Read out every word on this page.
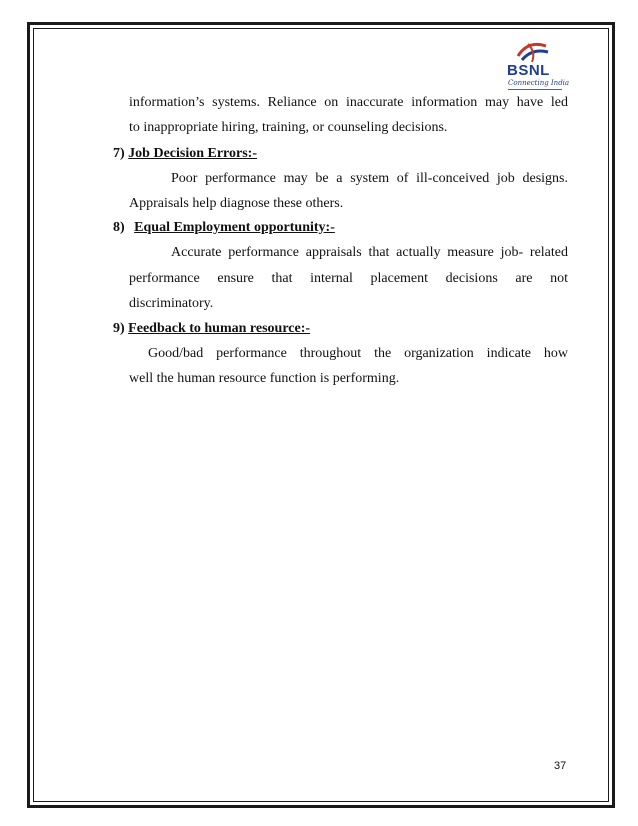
BSNL
Connecting India
information’s systems. Reliance on inaccurate information may have led
to inappropriate hiring, training, or counseling decisions.
7) Job Decision Errors:-
Poor performance may be a system of ill-conceived job designs.
Appraisals help diagnose these others.
8) Equal Employment opportunity:-
Accurate performance appraisals that actually measure job- related
performance ensure that internal placement decisions are not
discriminatory.
9) Feedback to human resource:-
Good/bad performance throughout the organization indicate how
well the human resource function is performing.
37
